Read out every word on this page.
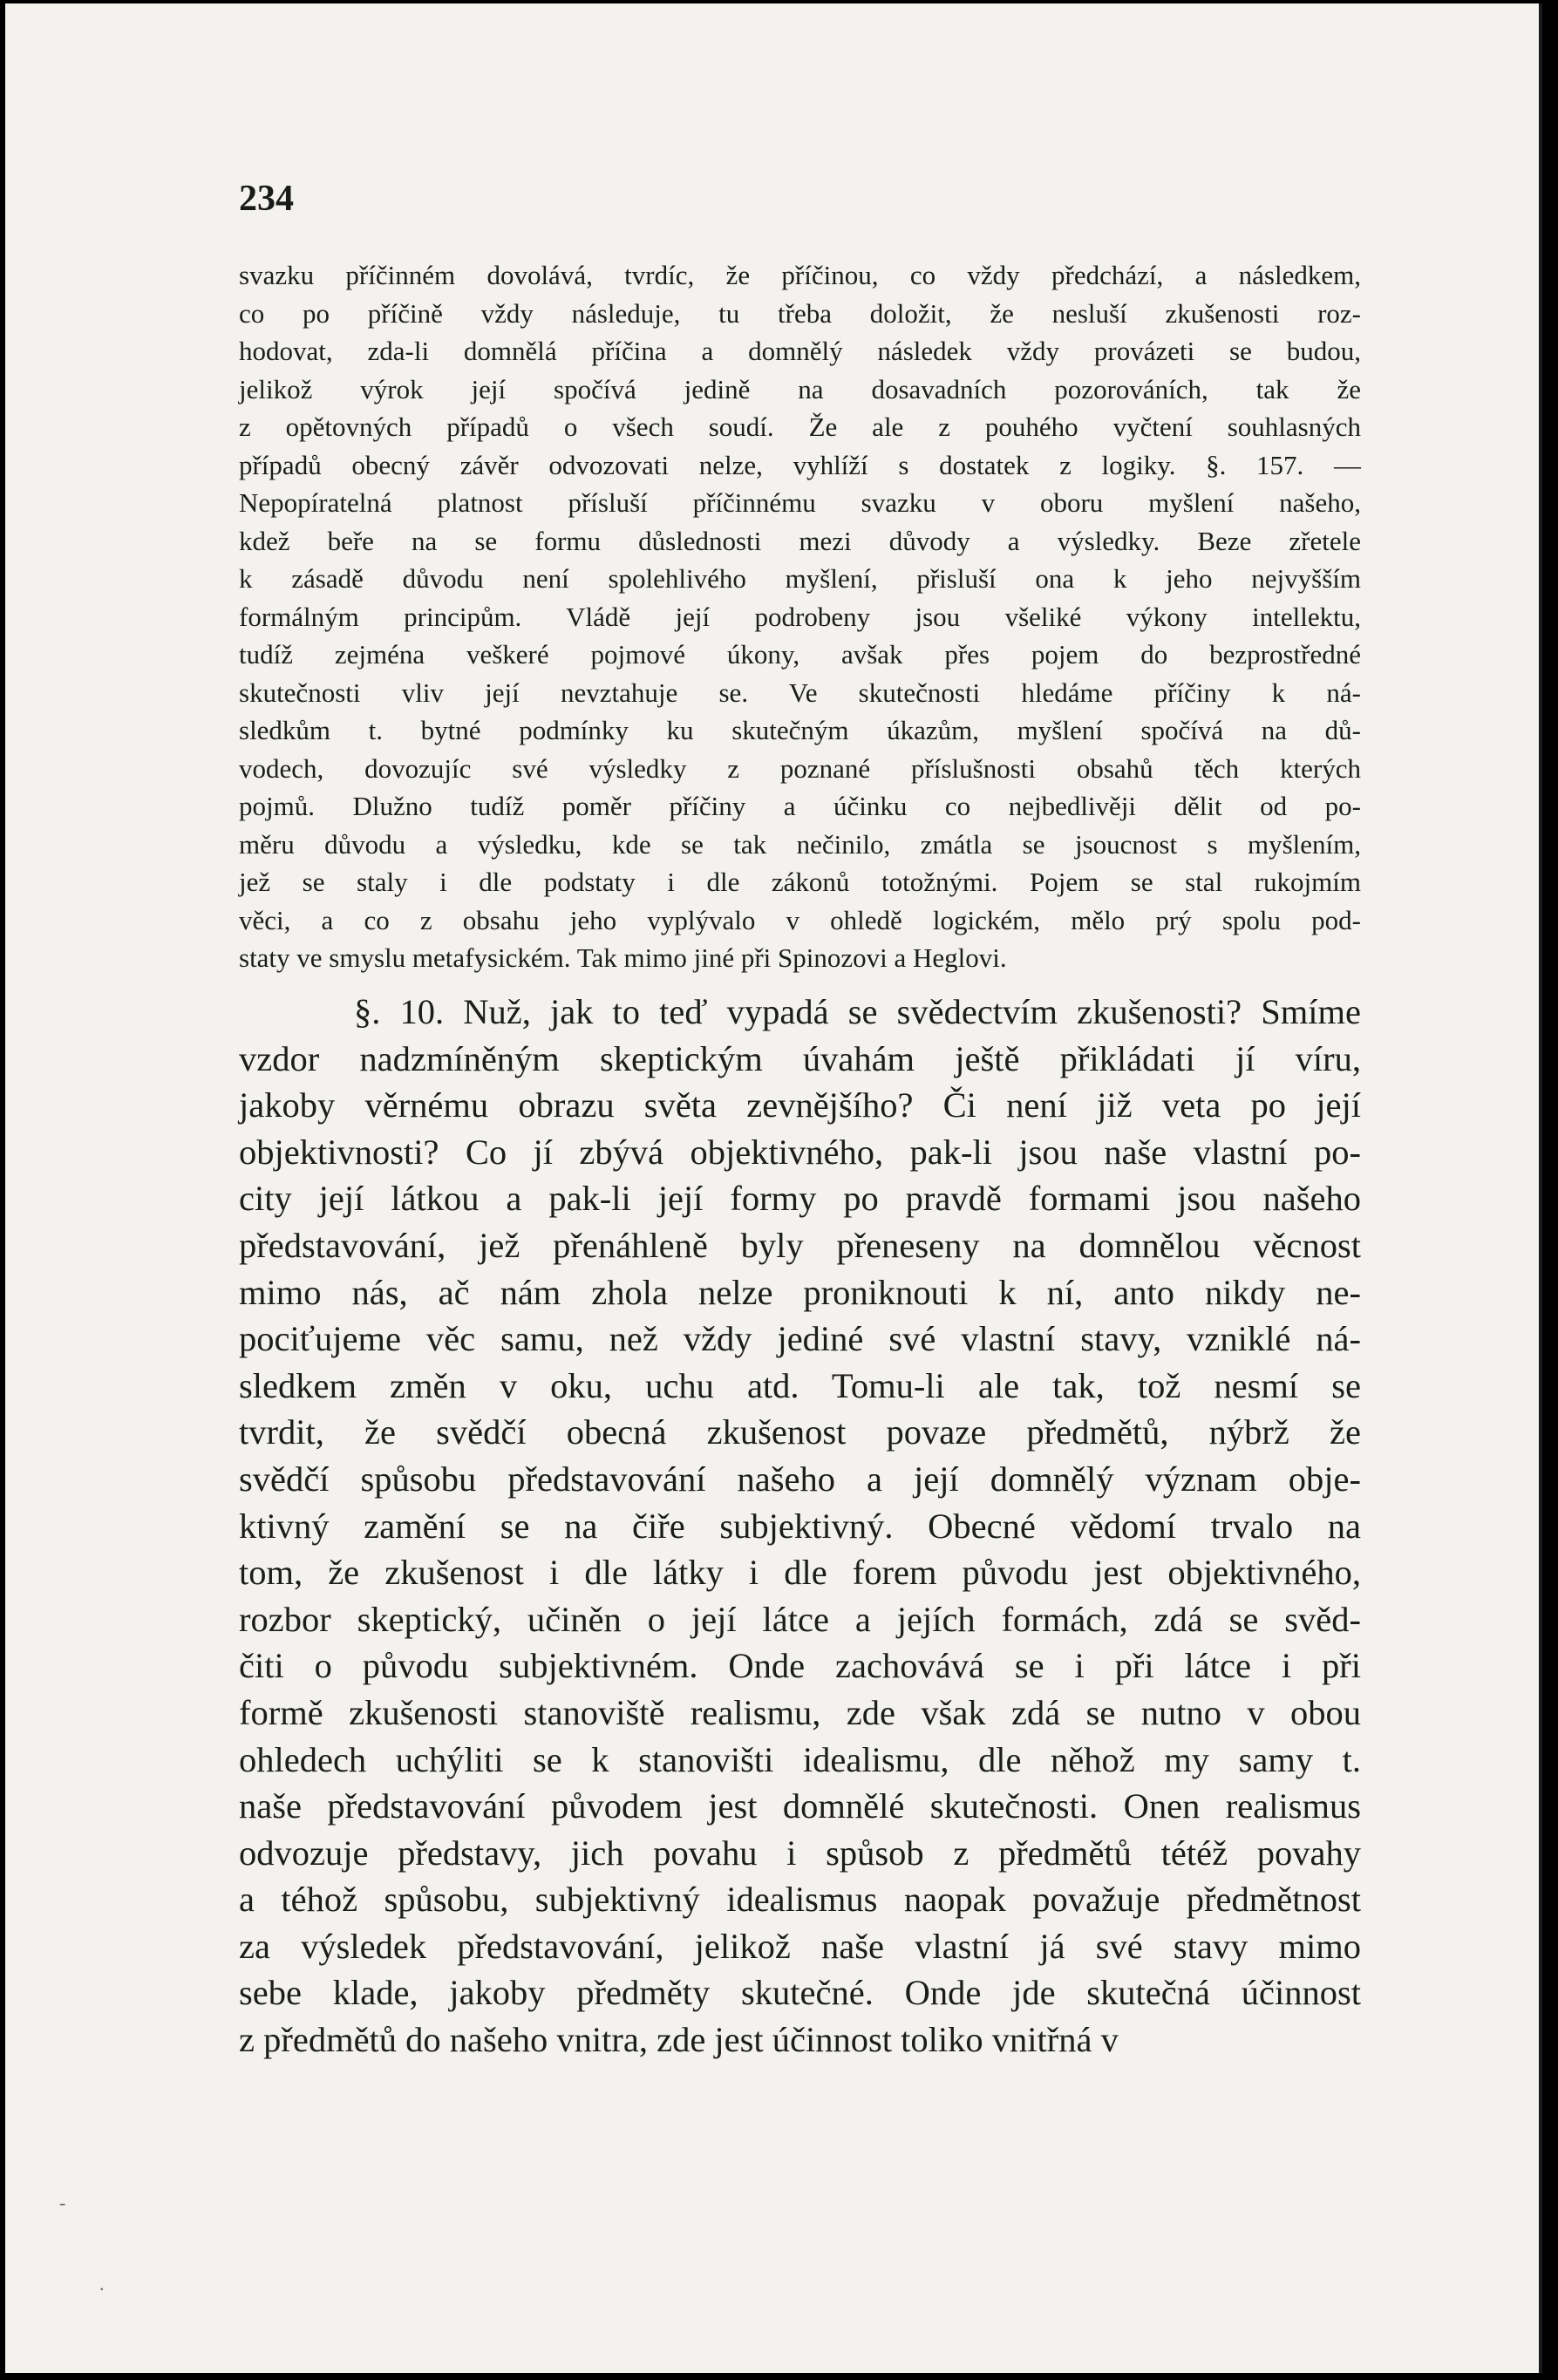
234
svazku příčinném dovolává, tvrdíc, že příčinou, co vždy předchází, a následkem,
co po příčině vždy následuje, tu třeba doložit, že nesluší zkušenosti roz-
hodovat, zda-li domnělá příčina a domnělý následek vždy provázeti se budou,
jelikož výrok její spočívá jedině na dosavadních pozorováních, tak že
z opětovných případů o všech soudí. Že ale z pouhého vyčtení souhlasných
případů obecný závěr odvozovati nelze, vyhlíží s dostatek z logiky. §. 157. —
Nepopíratelná platnost přísluší příčinnému svazku v oboru myšlení našeho,
kdež beře na se formu důslednosti mezi důvody a výsledky. Beze zřetele
k zásadě důvodu není spolehlivého myšlení, přisluší ona k jeho nejvyšším
formálným principům. Vládě její podrobeny jsou všeliké výkony intellektu,
tudíž zejména veškeré pojmové úkony, avšak přes pojem do bezprostředné
skutečnosti vliv její nevztahuje se. Ve skutečnosti hledáme příčiny k ná-
sledkům t. bytné podmínky ku skutečným úkazům, myšlení spočívá na dů-
vodech, dovozujíc své výsledky z poznané příslušnosti obsahů těch kterých
pojmů. Dlužno tudíž poměr příčiny a účinku co nejbedlivěji dělit od po-
měru důvodu a výsledku, kde se tak nečinilo, zmátla se jsoucnost s myšlením,
jež se staly i dle podstaty i dle zákonů totožnými. Pojem se stal rukojmím
věci, a co z obsahu jeho vyplývalo v ohledě logickém, mělo prý spolu pod-
staty ve smyslu metafysickém. Tak mimo jiné při Spinozovi a Heglovi.
§. 10. Nuž, jak to teď vypadá se svědectvím zkušenosti? Smíme
vzdor nadzmíněným skeptickým úvahám ještě přikládati jí víru,
jakoby věrnému obrazu světa zevnějšího? Či není již veta po její
objektivnosti? Co jí zbývá objektivného, pak-li jsou naše vlastní po-
city její látkou a pak-li její formy po pravdě formami jsou našeho
představování, jež přenáhleně byly přeneseny na domnělou věcnost
mimo nás, ač nám zhola nelze proniknouti k ní, anto nikdy ne-
pociťujeme věc samu, než vždy jediné své vlastní stavy, vzniklé ná-
sledkem změn v oku, uchu atd. Tomu-li ale tak, tož nesmí se
tvrdit, že svědčí obecná zkušenost povaze předmětů, nýbrž že
svědčí spůsobu představování našeho a její domnělý význam obje-
ktivný zamění se na čiře subjektivný. Obecné vědomí trvalo na
tom, že zkušenost i dle látky i dle forem původu jest objektivného,
rozbor skeptický, učiněn o její látce a jejích formách, zdá se svěd-
čiti o původu subjektivném. Onde zachovává se i při látce i při
formě zkušenosti stanoviště realismu, zde však zdá se nutno v obou
ohledech uchýliti se k stanovišti idealismu, dle něhož my samy t.
naše představování původem jest domnělé skutečnosti. Onen realismus
odvozuje představy, jich povahu i spůsob z předmětů tétéž povahy
a téhož spůsobu, subjektivný idealismus naopak považuje předmětnost
za výsledek představování, jelikož naše vlastní já své stavy mimo
sebe klade, jakoby předměty skutečné. Onde jde skutečná účinnost
z předmětů do našeho vnitra, zde jest účinnost toliko vnitřná v
-
.
